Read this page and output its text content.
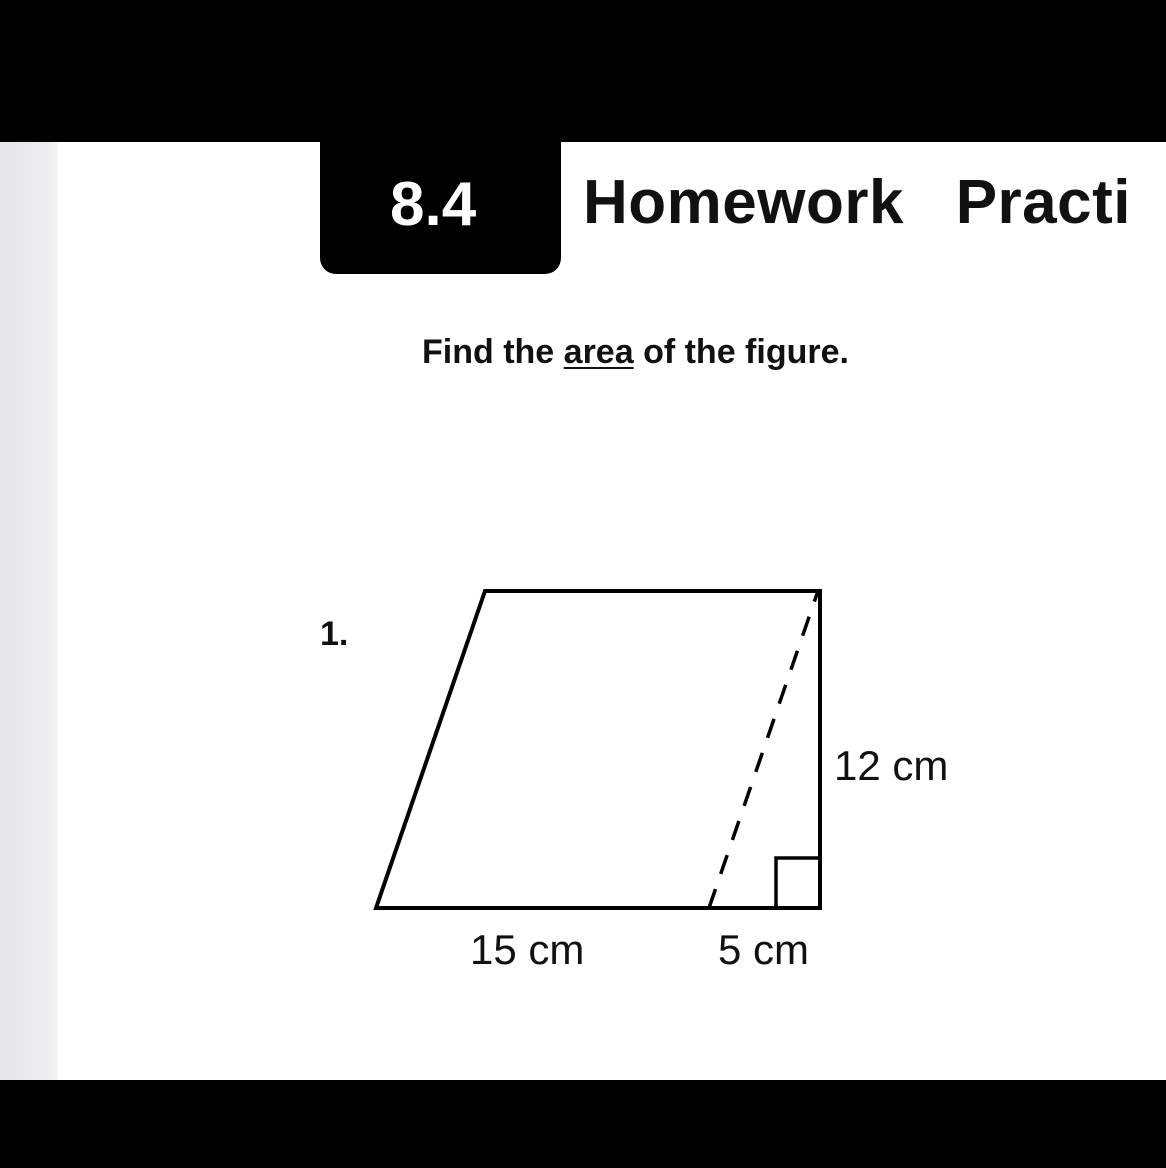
8.4 Homework Practi
Find the area of the figure.
1.
12 cm
15 cm	5 cm
